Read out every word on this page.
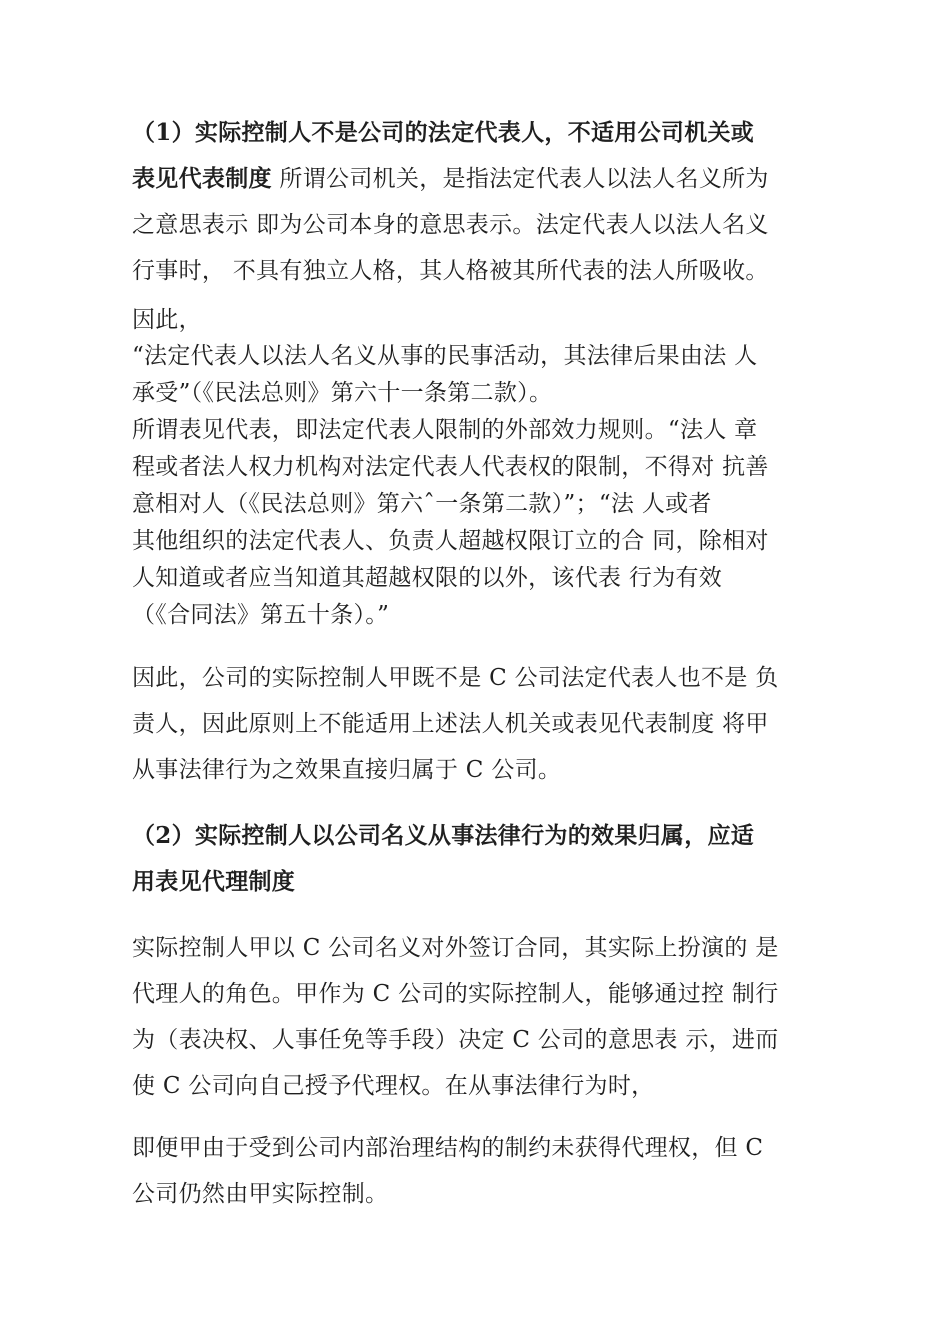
（1）实际控制人不是公司的法定代表人，不适用公司机关或
表见代表制度 所谓公司机关，是指法定代表人以法人名义所为
之意思表示 即为公司本身的意思表示。法定代表人以法人名义
行事时， 不具有独立人格，其人格被其所代表的法人所吸收。
因此，
“法定代表人以法人名义从事的民事活动，其法律后果由法 人
承受”（《民法总则》第六十一条第二款）。
所谓表见代表，即法定代表人限制的外部效力规则。“法人 章
程或者法人权力机构对法定代表人代表权的限制，不得对 抗善
意相对人（《民法总则》第六ˆ一条第二款）”；“法 人或者
其他组织的法定代表人、负责人超越权限订立的合 同，除相对
人知道或者应当知道其超越权限的以外，该代表 行为有效
（《合同法》第五十条）。”
因此，公司的实际控制人甲既不是 C 公司法定代表人也不是 负
责人，因此原则上不能适用上述法人机关或表见代表制度 将甲
从事法律行为之效果直接归属于 C 公司。
（2）实际控制人以公司名义从事法律行为的效果归属，应适
用表见代理制度
实际控制人甲以 C 公司名义对外签订合同，其实际上扮演的 是
代理人的角色。甲作为 C 公司的实际控制人，能够通过控 制行
为（表决权、人事任免等手段）决定 C 公司的意思表 示，进而
使 C 公司向自己授予代理权。在从事法律行为时，
即便甲由于受到公司内部治理结构的制约未获得代理权，但 C
公司仍然由甲实际控制。
